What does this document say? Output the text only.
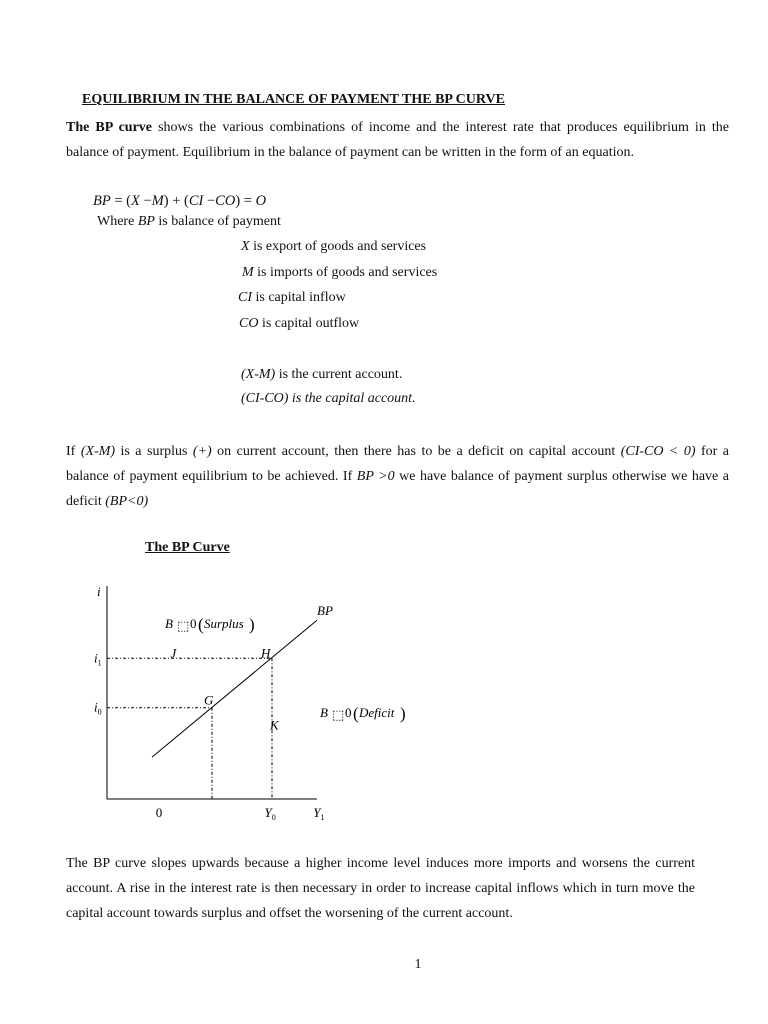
EQUILIBRIUM IN THE BALANCE OF PAYMENT THE BP CURVE
The BP curve shows the various combinations of income and the interest rate that produces equilibrium in the balance of payment. Equilibrium in the balance of payment can be written in the form of an equation.
BP = (X −M) + (CI −CO) = O
Where BP is balance of payment
X is export of goods and services
M is imports of goods and services
CI is capital inflow
CO is capital outflow
(X-M) is the current account.
(CI-CO) is the capital account.
If (X-M) is a surplus (+) on current account, then there has to be a deficit on capital account (CI-CO < 0) for a balance of payment equilibrium to be achieved. If BP >0 we have balance of payment surplus otherwise we have a deficit (BP<0)
The BP Curve
i
BP
G
H
J
K
$i_1$
$i_0$
0	$Y_0$	$Y_1$
B ⬚ 0 ( Surplus )
B ⬚ 0 ( Deficit )
The BP curve slopes upwards because a higher income level induces more imports and worsens the current account. A rise in the interest rate is then necessary in order to increase capital inflows which in turn move the capital account towards surplus and offset the worsening of the current account.
1
